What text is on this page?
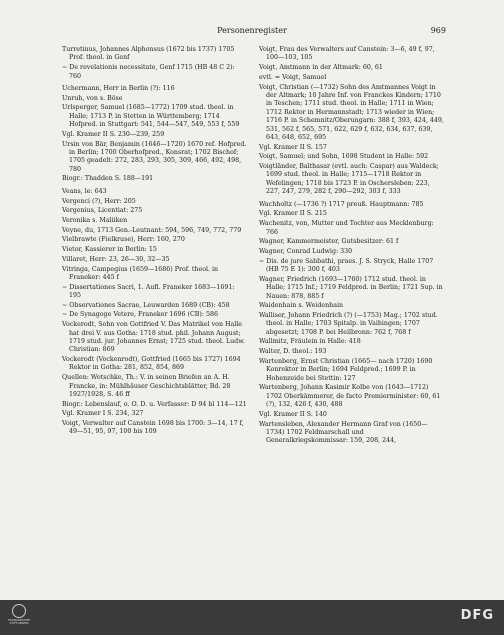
Personenregister	969
Turretinus, Johannes Alphonsus (1672 bis 1737) 1705 Prof. theol. in Genf
∼ De revelationis necessitate, Genf 1715 (HB 48 C 2): 760
Uchermann, Herr in Berlin (?): 116
Unruh, von s. Böse
Urlsperger, Samuel (1685—1772) 1709 stud. theol. in Halle; 1713 P. in Stetten in Württemberg; 1714 Hofpred. in Stuttgart: 541, 544—547, 549, 553 f, 559
Vgl. Kramer II S. 230—239, 259
Ursin von Bär, Benjamin (1646—1720) 1670 ref. Hofpred. in Berlin; 1700 Oberhofpred., Konsrat; 1702 Bischof; 1705 geadelt: 272, 283, 293, 305, 309, 466, 492, 498, 780
Biogr.: Thadden S. 188—191
Veans, le: 643
Vergenci (?), Herr: 205
Vergenius, Licentiat: 275
Veronika s. Maliiken
Veyne, du, 1713 Gen.-Leutnant: 594, 596, 749, 772, 779
Vielbrawte (Fielkruse), Herr: 160, 270
Vietor, Kassierer in Berlin: 15
Villaret, Herr: 23, 26—30, 32—35
Vitringa, Campegius (1659—1686) Prof. theol. in Franeker: 445 f
∼ Dissertationes Sacri, 1. Aufl. Franeker 1683—1691: 195
∼ Observationes Sacrae, Leuwarden 1689 (CB): 458
∼ De Synagoge Vetere, Franeker 1696 (CB): 586
Vockerodt, Sohn von Gottfried V. Das Matrikel von Halle hat drei V. aus Gotha: 1718 stud. phil. Johann August; 1719 stud. jur. Johannes Ernst; 1725 stud. theol. Ludw. Christian: 869
Vockerodt (Vockenrodt), Gottfried (1665 bis 1727) 1694 Rektor in Gotha: 281, 852, 854, 869
Quellen: Wotschke, Th.: V. in seinen Briefen an A. H. Francke, in: Mühlhäuser Geschichtsblätter, Bd. 28 1927/1928, S. 46 ff
Biogr.: Lebenslauf, o. O. D. u. Verfasser: D 94 bl 114—121
Vgl. Kramer I S. 234, 327
Voigt, Verwalter auf Canstein 1698 bis 1700: 3—14, 17 f, 49—51, 95, 97, 100 bis 109
Voigt, Frau des Verwalters auf Canstein: 3—6, 49 f, 97, 100—103, 105
Voigt, Amtmann in der Altmark: 60, 61
evtl. = Voigt, Samuel
Voigt, Christian (—1732) Sohn des Amtmannes Voigt in der Altmark; 10 Jahre Inf. von Franckes Kindern; 1710 in Teschen; 1711 stud. theol. in Halle; 1711 in Wien; 1712 Rektor in Hermannstadt; 1713 wieder in Wien; 1716 P. in Schemnitz/Oberungarn: 388 f, 393, 424, 449, 531, 562 f, 565, 571, 622, 629 f, 632, 634, 637, 639, 643, 648, 652, 695
Vgl. Kramer II S. 157
Voigt, Samuel; und Sohn, 1698 Student in Halle: 592
Voigtländer, Balthasar (evtl. auch: Caspar) aus Waldeck; 1699 stud. theol. in Halle; 1715—1718 Rektor in Wefelingen; 1718 bis 1723 P. in Oschersleben: 223, 227, 247, 279, 282 f, 290—292, 303 f, 333
Wachholtz (—1736 ?) 1717 preuß. Hauptmann: 785
Vgl. Kramer II S. 215
Wachenitz, von, Mutter und Tochter aus Mecklenburg: 766
Wagner, Kammermeister, Gutsbesitzer: 61 f
Wagner, Conrad Ludwig: 330
∼ Dis. de jure Sabbathi, praes. J. S. Stryck, Halle 1707 (HB 75 E 1): 300 f, 403
Wagner, Friedrich (1693—1760) 1712 stud. theol. in Halle; 1715 Inf.; 1719 Feldpred. in Berlin; 1721 Sup. in Nauen: 878, 885 f
Waidenhain s. Weidenhain
Walliser, Johann Friedrich (?) (—1753) Mag.; 1702 stud. theol. in Halle; 1703 Spitalp. in Vaihingen; 1707 abgesetzt; 1708 P. bei Heilbronn: 762 f, 768 f
Wallmitz, Fräulein in Halle: 418
Walter, D. theol.: 193
Wartenberg, Ernst Christian (1665— nach 1720) 1690 Konrektor in Berlin; 1694 Feldpred.; 1699 P. in Hohenzeide bei Stettin: 127
Wartenberg, Johann Kasimir Kolbe von (1643—1712) 1702 Oberkämmerer, de facto Premierminister: 60, 61 (?), 132, 426 f, 430, 488
Vgl. Kramer II S. 140
Wartensleben, Alexander Hermann Graf von (1650—1734) 1702 Feldmarschall und Generalkriegskommissar: 159, 208, 244,
FRANCKESCHE STIFTUNGEN
DFG
